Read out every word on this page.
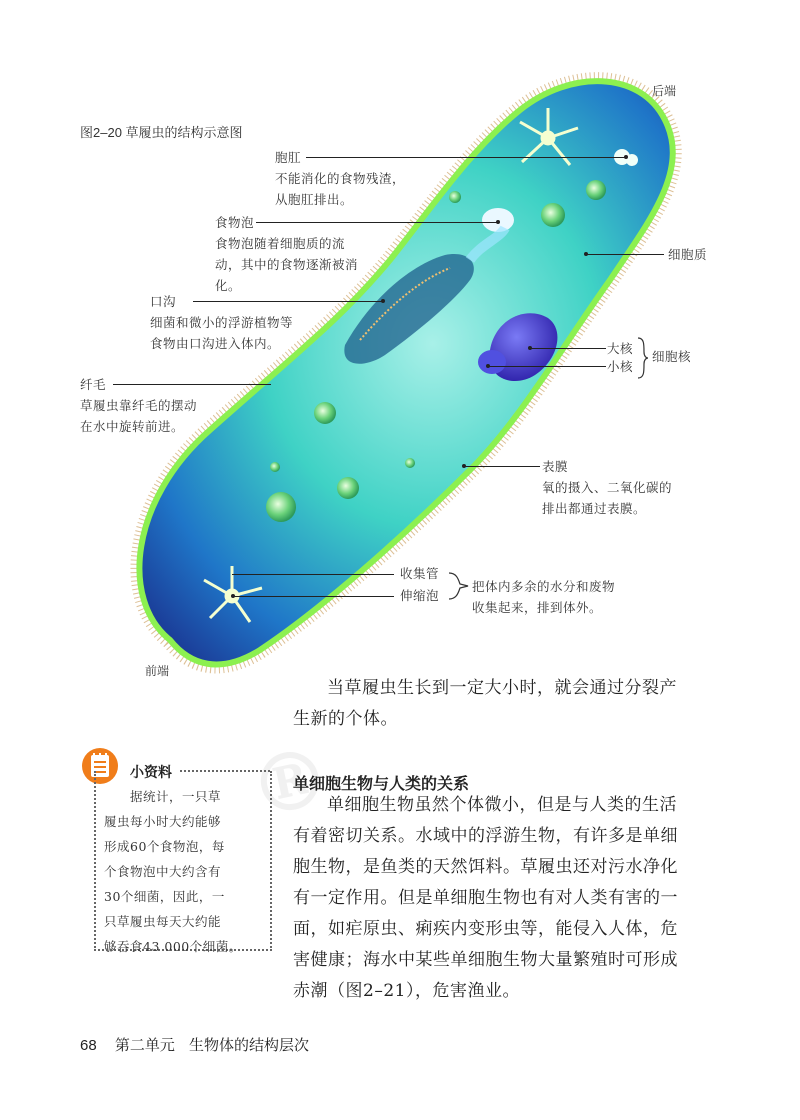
图2–20 草履虫的结构示意图
后端
前端
胞肛
不能消化的食物残渣，
从胞肛排出。
食物泡
食物泡随着细胞质的流
动，其中的食物逐渐被消
化。
口沟
细菌和微小的浮游植物等
食物由口沟进入体内。
纤毛
草履虫靠纤毛的摆动
在水中旋转前进。
细胞质
大核
小核
细胞核
表膜
氧的摄入、二氧化碳的
排出都通过表膜。
收集管
伸缩泡
把体内多余的水分和废物
收集起来，排到体外。
®
当草履虫生长到一定大小时，就会通过分裂产
生新的个体。
小资料
据统计，一只草
履虫每小时大约能够
形成60个食物泡，每
个食物泡中大约含有
30个细菌，因此，一
只草履虫每天大约能
够吞食43 000个细菌。
单细胞生物与人类的关系
单细胞生物虽然个体微小，但是与人类的生活
有着密切关系。水域中的浮游生物，有许多是单细
胞生物，是鱼类的天然饵料。草履虫还对污水净化
有一定作用。但是单细胞生物也有对人类有害的一
面，如疟原虫、痢疾内变形虫等，能侵入人体，危
害健康；海水中某些单细胞生物大量繁殖时可形成
赤潮（图2–21），危害渔业。
68 第二单元 生物体的结构层次
